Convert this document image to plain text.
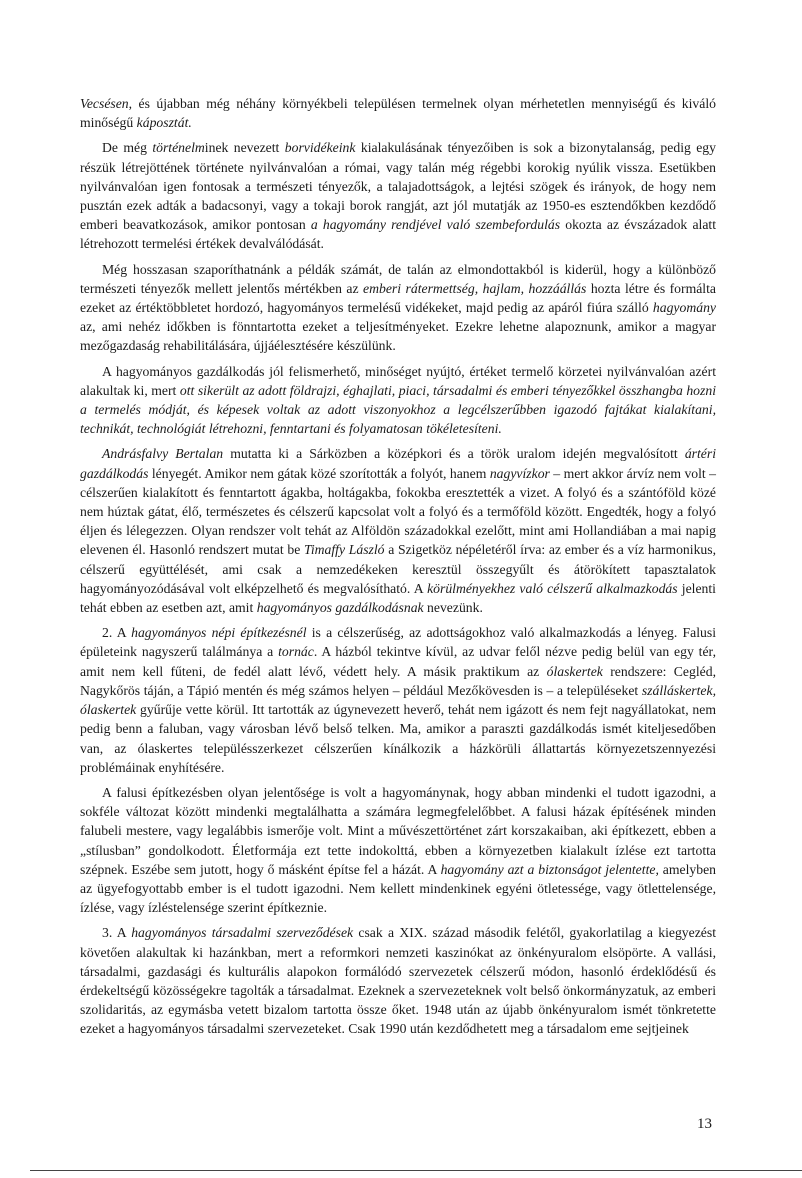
Vecsésen, és újabban még néhány környékbeli településen termelnek olyan mérhetetlen mennyiségű és kiváló minőségű káposztát.

De még történelminek nevezett borvidékeink kialakulásának tényezőiben is sok a bizonytalanság, pedig egy részük létrejöttének története nyilvánvalóan a római, vagy talán még régebbi korokig nyúlik vissza. Esetükben nyilvánvalóan igen fontosak a természeti tényezők, a talajadottságok, a lejtési szögek és irányok, de hogy nem pusztán ezek adták a badacsonyi, vagy a tokaji borok rangját, azt jól mutatják az 1950-es esztendőkben kezdődő emberi beavatkozások, amikor pontosan a hagyomány rendjével való szembefordulás okozta az évszázadok alatt létrehozott termelési értékek devalválódását.

Még hosszasan szaporíthatnánk a példák számát, de talán az elmondottakból is kiderül, hogy a különböző természeti tényezők mellett jelentős mértékben az emberi rátermettség, hajlam, hozzáállás hozta létre és formálta ezeket az értéktöbbletet hordozó, hagyományos termelésű vidékeket, majd pedig az apáról fiúra szálló hagyomány az, ami nehéz időkben is fönntartotta ezeket a teljesítményeket. Ezekre lehetne alapoznunk, amikor a magyar mezőgazdaság rehabilitálására, újjáélesztésére készülünk.

A hagyományos gazdálkodás jól felismerhető, minőséget nyújtó, értéket termelő körzetei nyilvánvalóan azért alakultak ki, mert ott sikerült az adott földrajzi, éghajlati, piaci, társadalmi és emberi tényezőkkel összhangba hozni a termelés módját, és képesek voltak az adott viszonyokhoz a legcélszerűbben igazodó fajtákat kialakítani, technikát, technológiát létrehozni, fenntartani és folyamatosan tökéletesíteni.

Andrásfalvy Bertalan mutatta ki a Sárközben a középkori és a török uralom idején megvalósított ártéri gazdálkodás lényegét. Amikor nem gátak közé szorították a folyót, hanem nagyvízkor – mert akkor árvíz nem volt – célszerűen kialakított és fenntartott ágakba, holtágakba, fokokba eresztették a vizet. A folyó és a szántóföld közé nem húztak gátat, élő, természetes és célszerű kapcsolat volt a folyó és a termőföld között. Engedték, hogy a folyó éljen és lélegezzen. Olyan rendszer volt tehát az Alföldön századokkal ezelőtt, mint ami Hollandiában a mai napig elevenen él. Hasonló rendszert mutat be Timaffy László a Szigetköz népéletéről írva: az ember és a víz harmonikus, célszerű együttélését, ami csak a nemzedékeken keresztül összegyűlt és átörökített tapasztalatok hagyományozódásával volt elképzelhető és megvalósítható. A körülményekhez való célszerű alkalmazkodás jelenti tehát ebben az esetben azt, amit hagyományos gazdálkodásnak nevezünk.

2. A hagyományos népi építkezésnél is a célszerűség, az adottságokhoz való alkalmazkodás a lényeg. Falusi épületeink nagyszerű találmánya a tornác. A házból tekintve kívül, az udvar felől nézve pedig belül van egy tér, amit nem kell fűteni, de fedél alatt lévő, védett hely. A másik praktikum az ólaskertek rendszere: Cegléd, Nagykőrös táján, a Tápió mentén és még számos helyen – például Mezőkövesden is – a településeket szálláskertek, ólaskertek gyűrűje vette körül. Itt tartották az úgynevezett heverő, tehát nem igázott és nem fejt nagyállatokat, nem pedig benn a faluban, vagy városban lévő belső telken. Ma, amikor a paraszti gazdálkodás ismét kiteljesedőben van, az ólaskertes településszerkezet célszerűen kínálkozik a házkörüli állattartás környezetszennyezési problémáinak enyhítésére.

A falusi építkezésben olyan jelentősége is volt a hagyománynak, hogy abban mindenki el tudott igazodni, a sokféle változat között mindenki megtalálhatta a számára legmegfelelőbbet. A falusi házak építésének minden falubeli mestere, vagy legalábbis ismerője volt. Mint a művészettörténet zárt korszakaiban, aki építkezett, ebben a „stílusban” gondolkodott. Életformája ezt tette indokolttá, ebben a környezetben kialakult ízlése ezt tartotta szépnek. Eszébe sem jutott, hogy ő másként építse fel a házát. A hagyomány azt a biztonságot jelentette, amelyben az ügyefogyottabb ember is el tudott igazodni. Nem kellett mindenkinek egyéni ötletessége, vagy ötlettelensége, ízlése, vagy ízléstelensége szerint építkeznie.

3. A hagyományos társadalmi szerveződések csak a XIX. század második felétől, gyakorlatilag a kiegyezést követően alakultak ki hazánkban, mert a reformkori nemzeti kaszinókat az önkényuralom elsöpörte. A vallási, társadalmi, gazdasági és kulturális alapokon formálódó szervezetek célszerű módon, hasonló érdeklődésű és érdekeltségű közösségekre tagolták a társadalmat. Ezeknek a szervezeteknek volt belső önkormányzatuk, az emberi szolidaritás, az egymásba vetett bizalom tartotta össze őket. 1948 után az újabb önkényuralom ismét tönkretette ezeket a hagyományos társadalmi szervezeteket. Csak 1990 után kezdődhetett meg a társadalom eme sejtjeinek

13
